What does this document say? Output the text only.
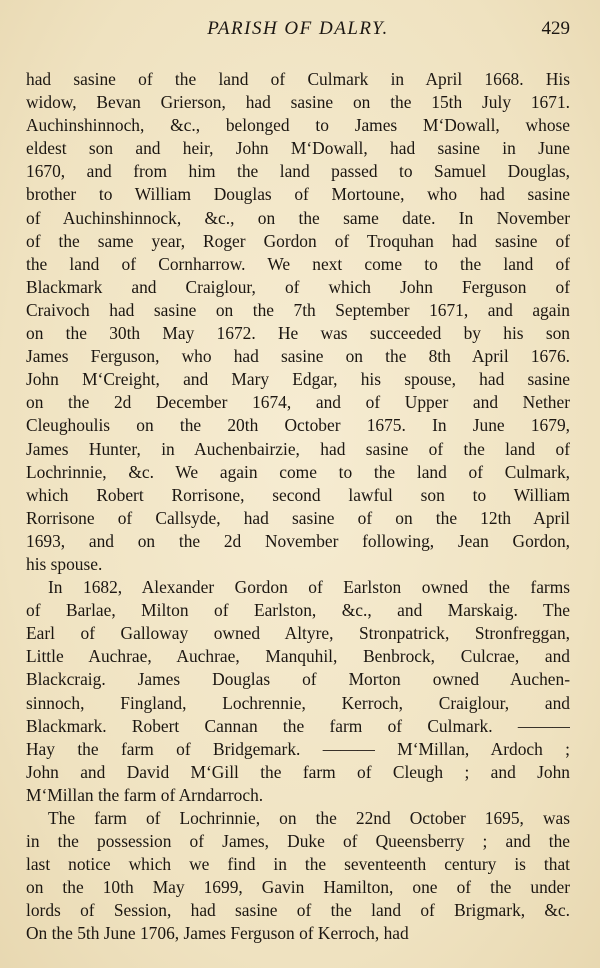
PARISH OF DALRY.	429
had sasine of the land of Culmark in April 1668. His
widow, Bevan Grierson, had sasine on the 15th July 1671.
Auchinshinnoch, &c., belonged to James M‘Dowall, whose
eldest son and heir, John M‘Dowall, had sasine in June
1670, and from him the land passed to Samuel Douglas,
brother to William Douglas of Mortoune, who had sasine
of Auchinshinnock, &c., on the same date. In November
of the same year, Roger Gordon of Troquhan had sasine of
the land of Cornharrow. We next come to the land of
Blackmark and Craiglour, of which John Ferguson of
Craivoch had sasine on the 7th September 1671, and again
on the 30th May 1672. He was succeeded by his son
James Ferguson, who had sasine on the 8th April 1676.
John M‘Creight, and Mary Edgar, his spouse, had sasine
on the 2d December 1674, and of Upper and Nether
Cleughoulis on the 20th October 1675. In June 1679,
James Hunter, in Auchenbairzie, had sasine of the land of
Lochrinnie, &c. We again come to the land of Culmark,
which Robert Rorrisone, second lawful son to William
Rorrisone of Callsyde, had sasine of on the 12th April
1693, and on the 2d November following, Jean Gordon,
his spouse.
In 1682, Alexander Gordon of Earlston owned the farms
of Barlae, Milton of Earlston, &c., and Marskaig. The
Earl of Galloway owned Altyre, Stronpatrick, Stronfreggan,
Little Auchrae, Auchrae, Manquhil, Benbrock, Culcrae, and
Blackcraig. James Douglas of Morton owned Auchen-
sinnoch, Fingland, Lochrennie, Kerroch, Craiglour, and
Blackmark. Robert Cannan the farm of Culmark. ———
Hay the farm of Bridgemark. ——— M‘Millan, Ardoch ;
John and David M‘Gill the farm of Cleugh ; and John
M‘Millan the farm of Arndarroch.
The farm of Lochrinnie, on the 22nd October 1695, was
in the possession of James, Duke of Queensberry ; and the
last notice which we find in the seventeenth century is that
on the 10th May 1699, Gavin Hamilton, one of the under
lords of Session, had sasine of the land of Brigmark, &c.
On the 5th June 1706, James Ferguson of Kerroch, had
